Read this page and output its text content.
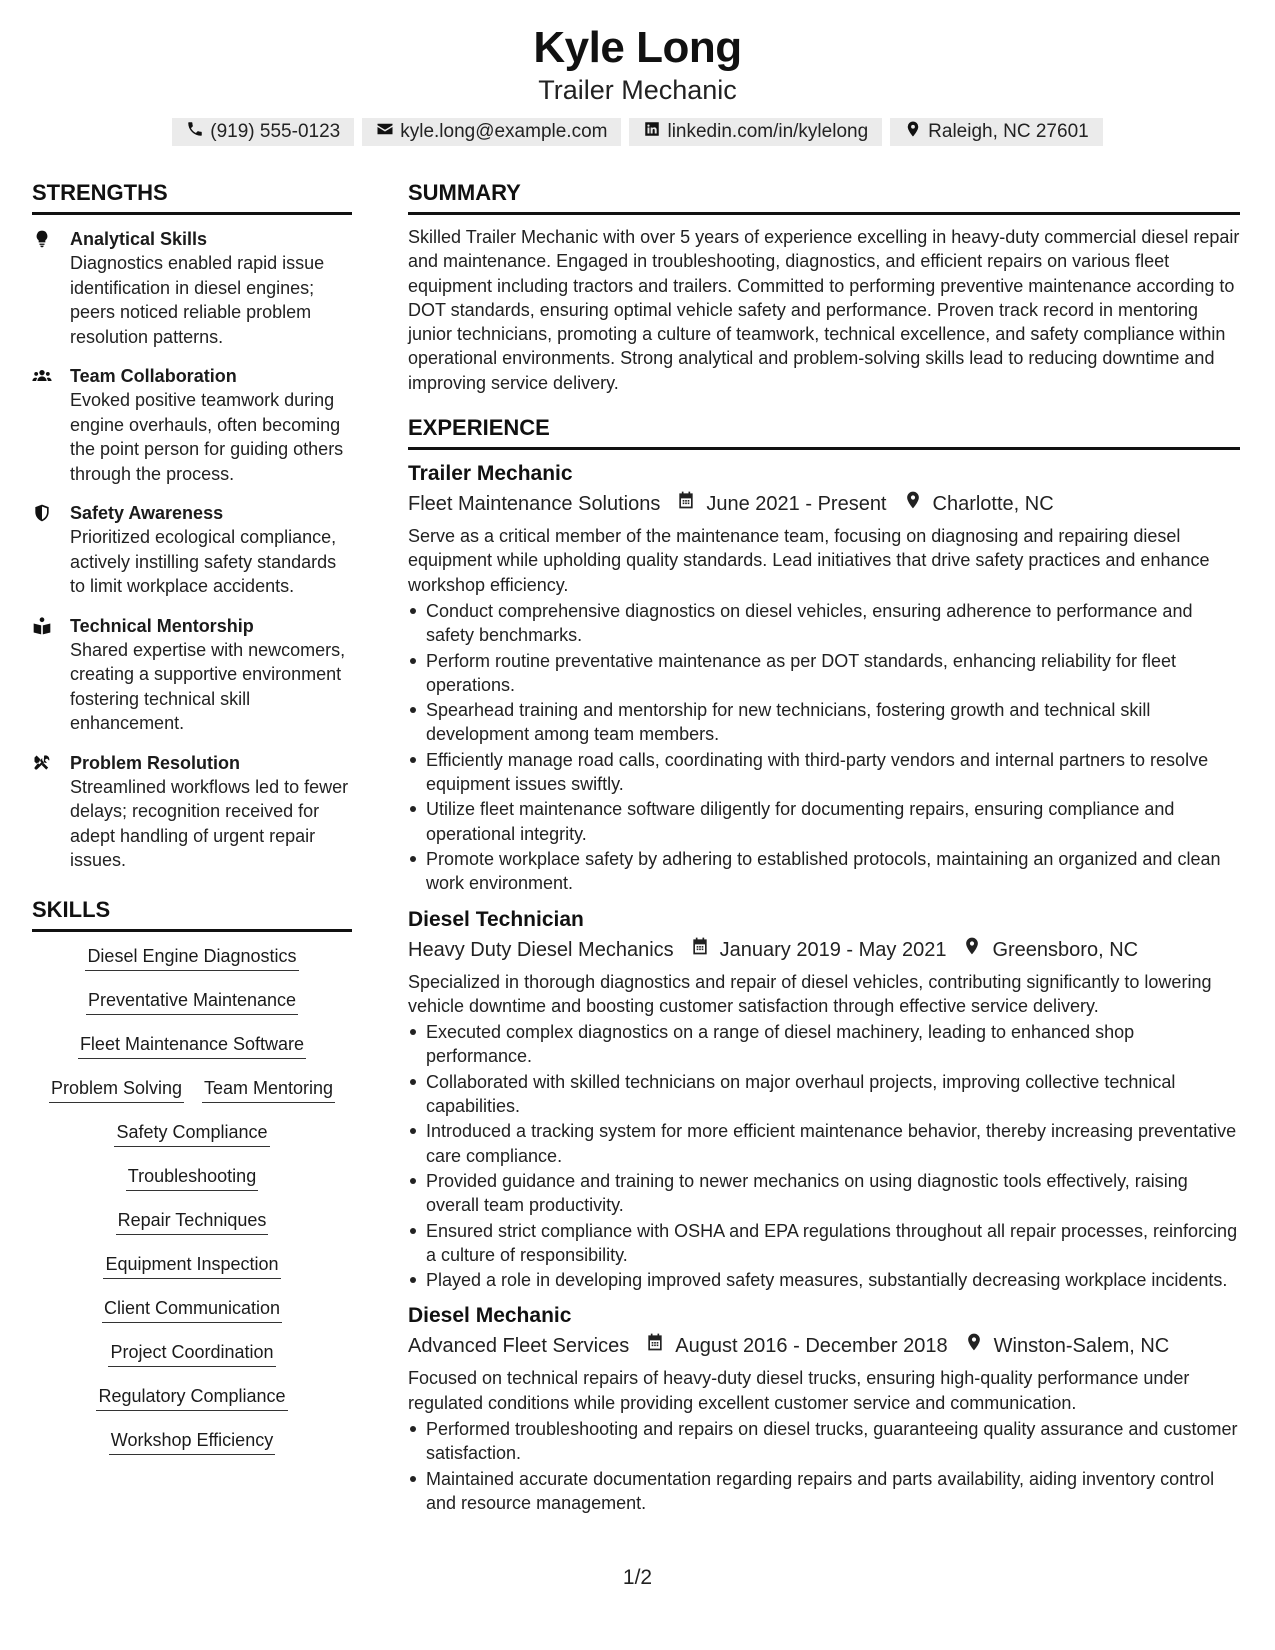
Kyle Long
Trailer Mechanic
(919) 555-0123	kyle.long@example.com	linkedin.com/in/kylelong	Raleigh, NC 27601
STRENGTHS
Analytical Skills
Diagnostics enabled rapid issue identification in diesel engines; peers noticed reliable problem resolution patterns.
Team Collaboration
Evoked positive teamwork during engine overhauls, often becoming the point person for guiding others through the process.
Safety Awareness
Prioritized ecological compliance, actively instilling safety standards to limit workplace accidents.
Technical Mentorship
Shared expertise with newcomers, creating a supportive environment fostering technical skill enhancement.
Problem Resolution
Streamlined workflows led to fewer delays; recognition received for adept handling of urgent repair issues.
SKILLS
Diesel Engine Diagnostics
Preventative Maintenance
Fleet Maintenance Software
Problem Solving Team Mentoring
Safety Compliance
Troubleshooting
Repair Techniques
Equipment Inspection
Client Communication
Project Coordination
Regulatory Compliance
Workshop Efficiency
SUMMARY
Skilled Trailer Mechanic with over 5 years of experience excelling in heavy-duty commercial diesel repair and maintenance. Engaged in troubleshooting, diagnostics, and efficient repairs on various fleet equipment including tractors and trailers. Committed to performing preventive maintenance according to DOT standards, ensuring optimal vehicle safety and performance. Proven track record in mentoring junior technicians, promoting a culture of teamwork, technical excellence, and safety compliance within operational environments. Strong analytical and problem-solving skills lead to reducing downtime and improving service delivery.
EXPERIENCE
Trailer Mechanic
Fleet Maintenance Solutions June 2021 - Present Charlotte, NC
Serve as a critical member of the maintenance team, focusing on diagnosing and repairing diesel equipment while upholding quality standards. Lead initiatives that drive safety practices and enhance workshop efficiency.
Conduct comprehensive diagnostics on diesel vehicles, ensuring adherence to performance and safety benchmarks.
Perform routine preventative maintenance as per DOT standards, enhancing reliability for fleet operations.
Spearhead training and mentorship for new technicians, fostering growth and technical skill development among team members.
Efficiently manage road calls, coordinating with third-party vendors and internal partners to resolve equipment issues swiftly.
Utilize fleet maintenance software diligently for documenting repairs, ensuring compliance and operational integrity.
Promote workplace safety by adhering to established protocols, maintaining an organized and clean work environment.
Diesel Technician
Heavy Duty Diesel Mechanics January 2019 - May 2021 Greensboro, NC
Specialized in thorough diagnostics and repair of diesel vehicles, contributing significantly to lowering vehicle downtime and boosting customer satisfaction through effective service delivery.
Executed complex diagnostics on a range of diesel machinery, leading to enhanced shop performance.
Collaborated with skilled technicians on major overhaul projects, improving collective technical capabilities.
Introduced a tracking system for more efficient maintenance behavior, thereby increasing preventative care compliance.
Provided guidance and training to newer mechanics on using diagnostic tools effectively, raising overall team productivity.
Ensured strict compliance with OSHA and EPA regulations throughout all repair processes, reinforcing a culture of responsibility.
Played a role in developing improved safety measures, substantially decreasing workplace incidents.
Diesel Mechanic
Advanced Fleet Services August 2016 - December 2018 Winston-Salem, NC
Focused on technical repairs of heavy-duty diesel trucks, ensuring high-quality performance under regulated conditions while providing excellent customer service and communication.
Performed troubleshooting and repairs on diesel trucks, guaranteeing quality assurance and customer satisfaction.
Maintained accurate documentation regarding repairs and parts availability, aiding inventory control and resource management.
1/2
